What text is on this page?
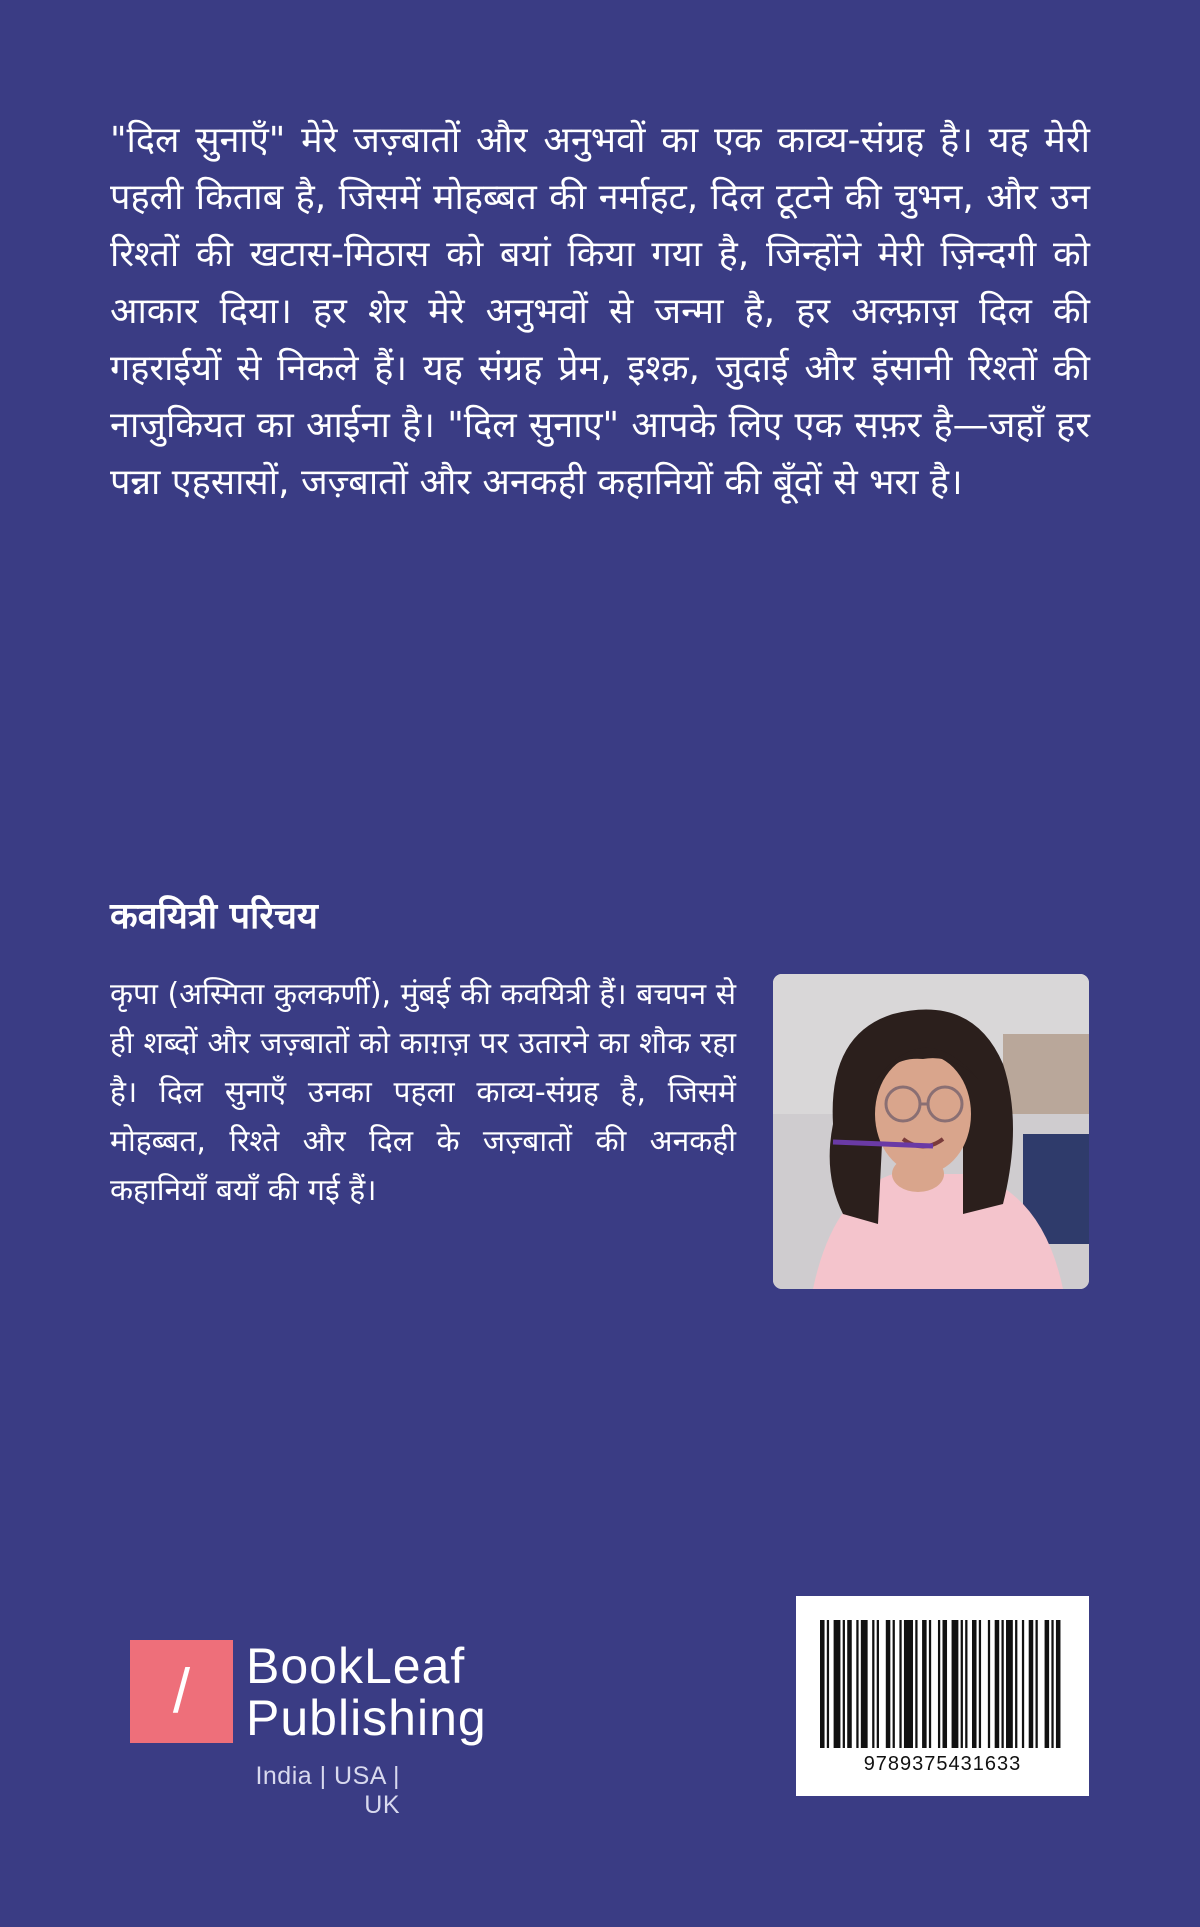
"दिल सुनाएँ" मेरे जज़्बातों और अनुभवों का एक काव्य-संग्रह है। यह मेरी पहली किताब है, जिसमें मोहब्बत की नर्माहट, दिल टूटने की चुभन, और उन रिश्तों की खटास-मिठास को बयां किया गया है, जिन्होंने मेरी ज़िन्दगी को आकार दिया। हर शेर मेरे अनुभवों से जन्मा है, हर अल्फ़ाज़ दिल की गहराईयों से निकले हैं। यह संग्रह प्रेम, इश्क़, जुदाई और इंसानी रिश्तों की नाजुकियत का आईना है। "दिल सुनाए" आपके लिए एक सफ़र है—जहाँ हर पन्ना एहसासों, जज़्बातों और अनकही कहानियों की बूँदों से भरा है।

कवयित्री परिचय

कृपा (अस्मिता कुलकर्णी), मुंबई की कवयित्री हैं। बचपन से ही शब्दों और जज़्बातों को काग़ज़ पर उतारने का शौक रहा है। दिल सुनाएँ उनका पहला काव्य-संग्रह है, जिसमें मोहब्बत, रिश्ते और दिल के जज़्बातों की अनकही कहानियाँ बयाँ की गई हैं।

/	BookLeaf
Publishing
India | USA | UK
9789375431633
